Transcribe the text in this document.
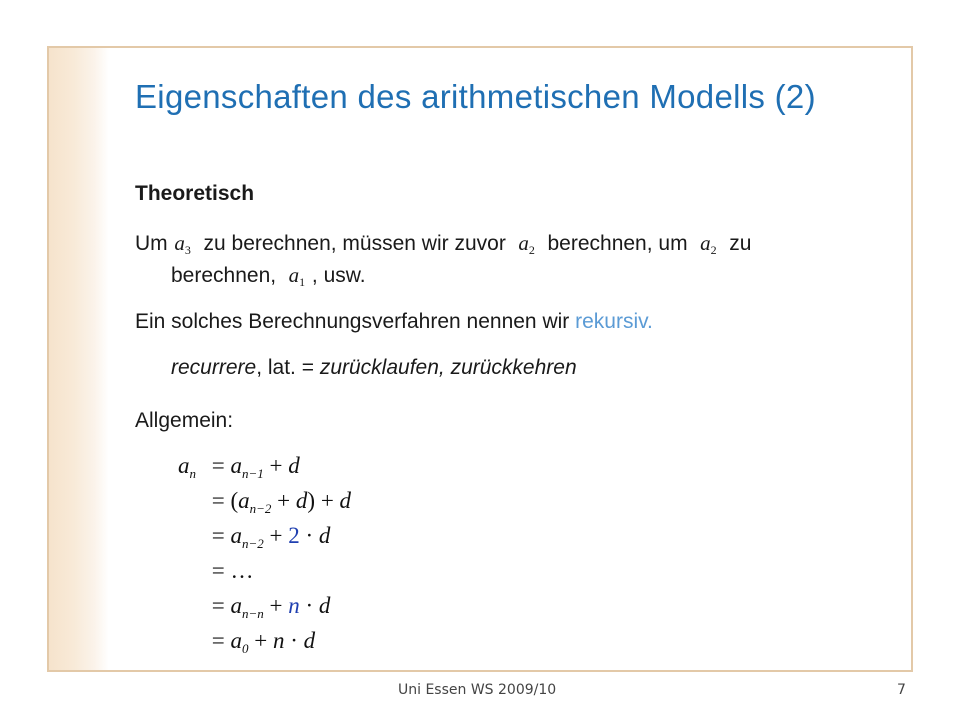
Eigenschaften des arithmetischen Modells (2)
Theoretisch
Um $a_3$ zu berechnen, müssen wir zuvor $a_2$ berechnen, um $a_2$ zu
berechnen, $a_1$ , usw.
Ein solches Berechnungsverfahren nennen wir rekursiv.
recurrere, lat. = zurücklaufen, zurückkehren
Allgemein:
$a_n = a_{n-1} + d$
= $(a_{n-2} + d) + d$
= $a_{n-2} + 2 \cdot d$
= …
= $a_{n-n} + n \cdot d$
= $a_0 + n \cdot d$
Uni Essen WS 2009/10	7
